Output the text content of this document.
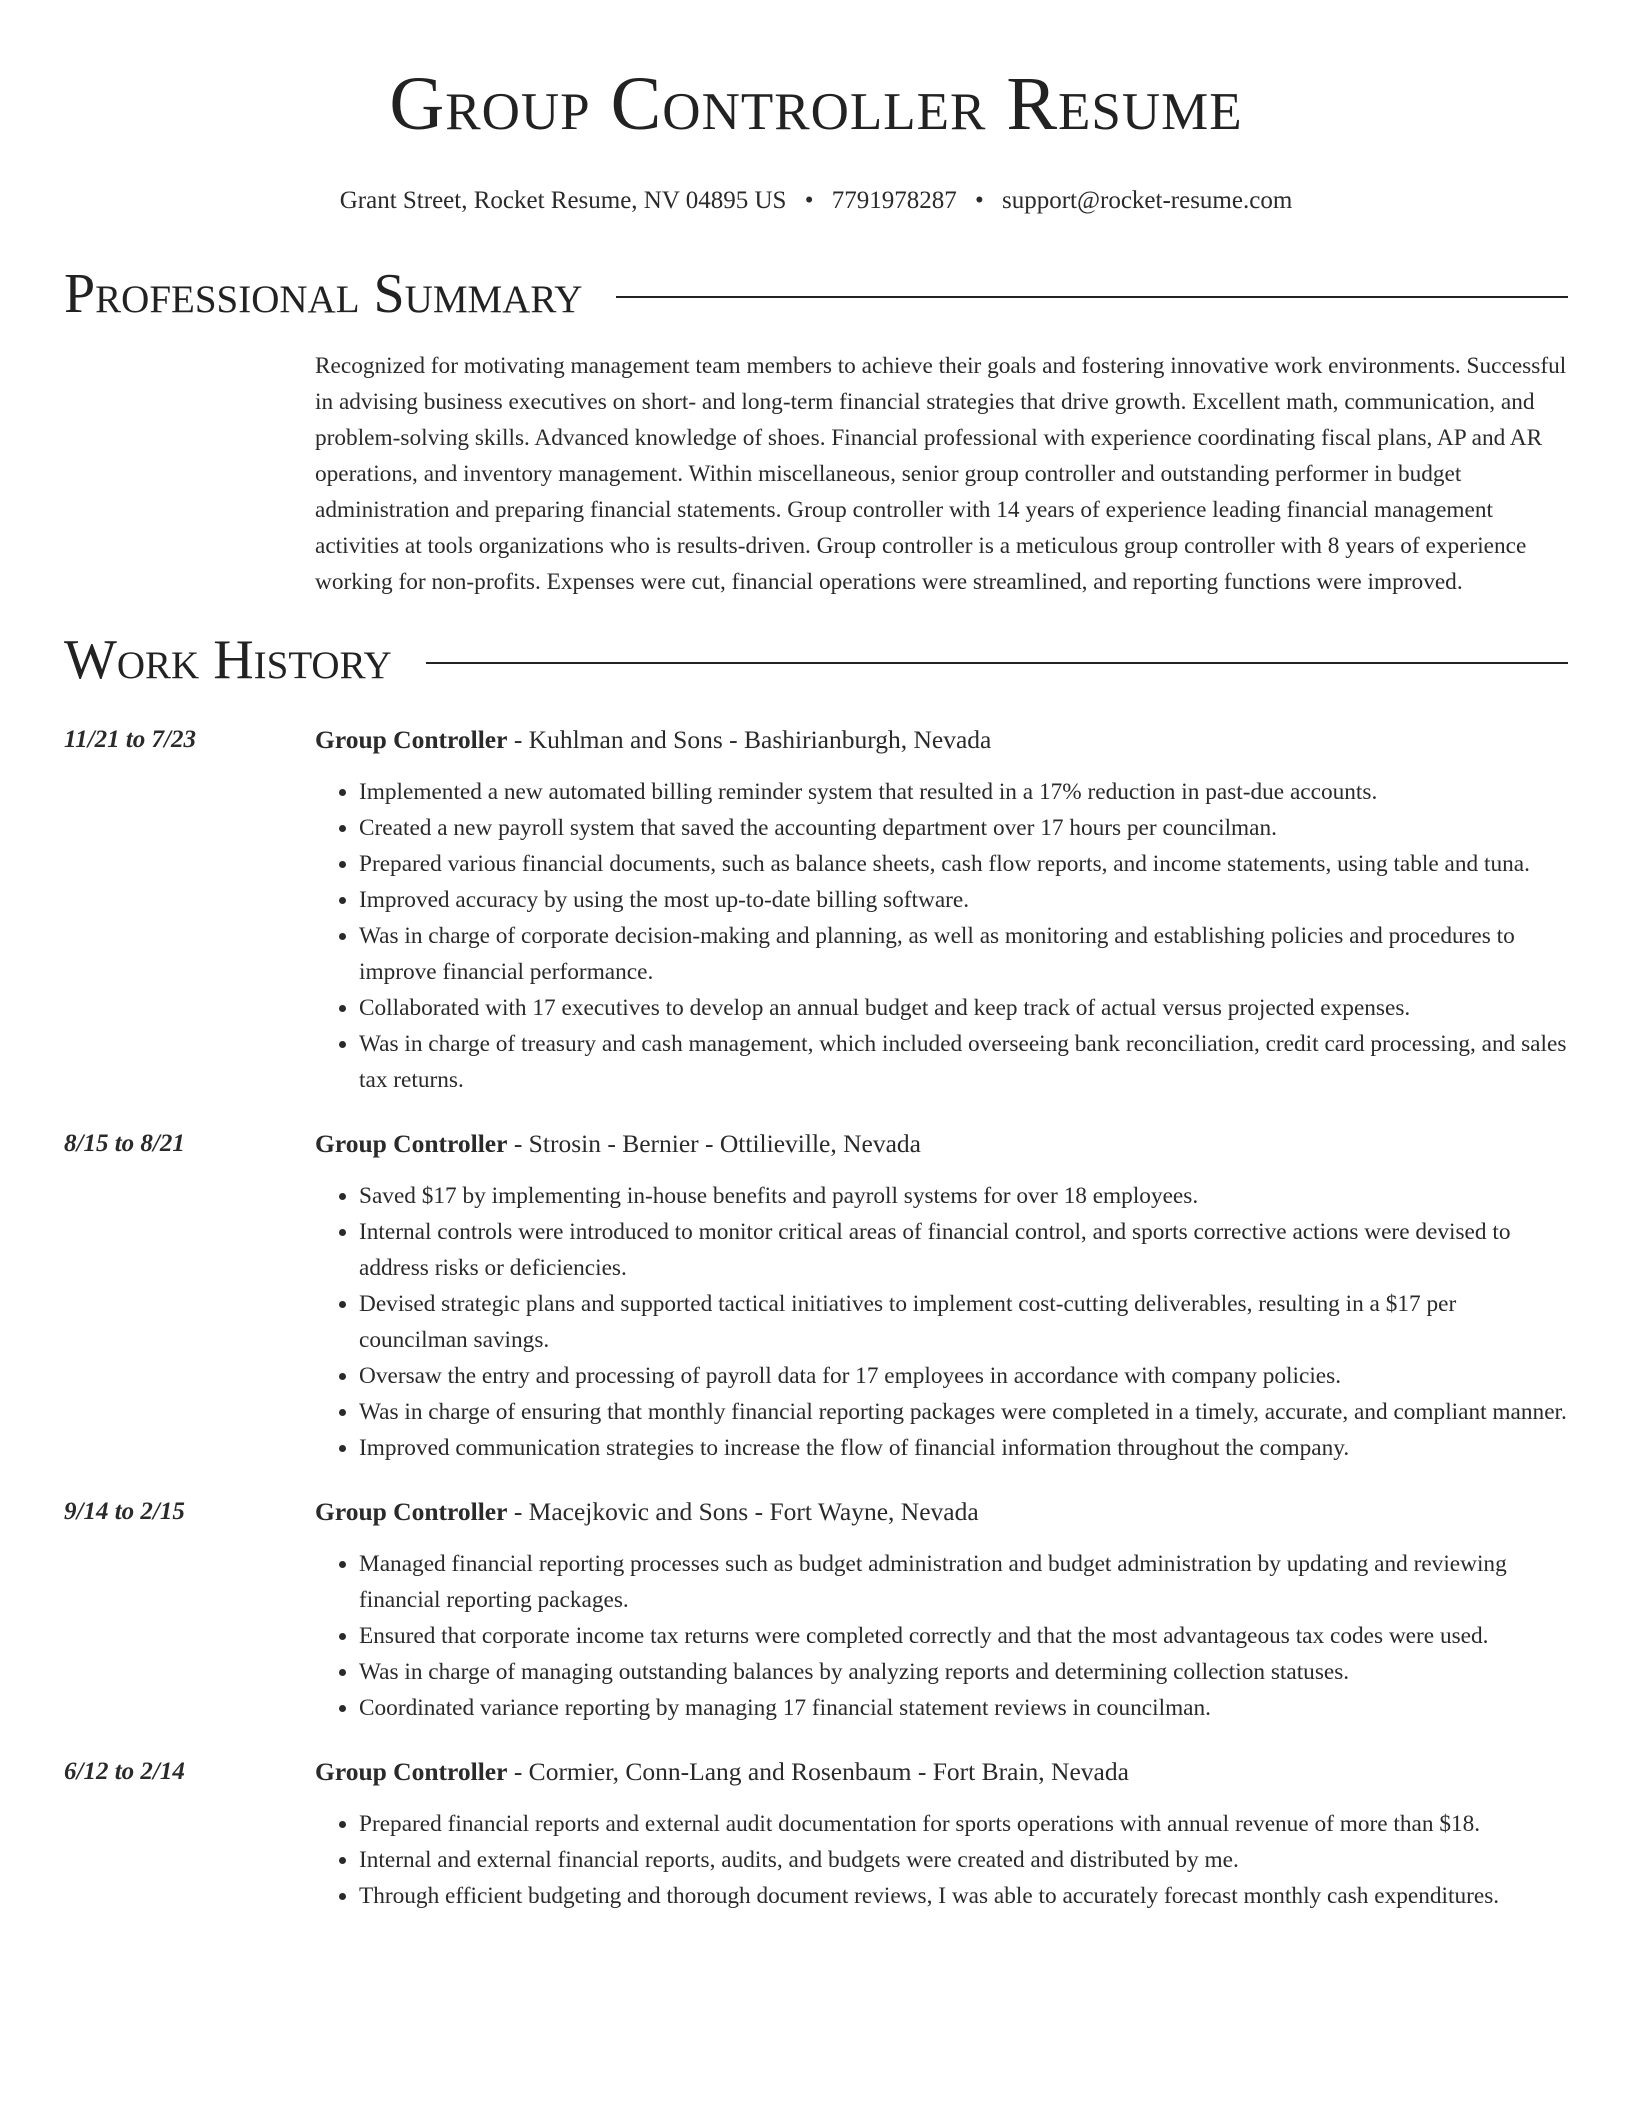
Group Controller Resume
Grant Street, Rocket Resume, NV 04895 US • 7791978287 • support@rocket-resume.com
Professional Summary

Recognized for motivating management team members to achieve their goals and fostering innovative work environments. Successful in advising business executives on short- and long-term financial strategies that drive growth. Excellent math, communication, and problem-solving skills. Advanced knowledge of shoes. Financial professional with experience coordinating fiscal plans, AP and AR operations, and inventory management. Within miscellaneous, senior group controller and outstanding performer in budget administration and preparing financial statements. Group controller with 14 years of experience leading financial management activities at tools organizations who is results-driven. Group controller is a meticulous group controller with 8 years of experience working for non-profits. Expenses were cut, financial operations were streamlined, and reporting functions were improved.

Work History
11/21 to 7/23	Group Controller - Kuhlman and Sons - Bashirianburgh, Nevada
• Implemented a new automated billing reminder system that resulted in a 17% reduction in past-due accounts.
• Created a new payroll system that saved the accounting department over 17 hours per councilman.
• Prepared various financial documents, such as balance sheets, cash flow reports, and income statements, using table and tuna.
• Improved accuracy by using the most up-to-date billing software.
• Was in charge of corporate decision-making and planning, as well as monitoring and establishing policies and procedures to improve financial performance.
• Collaborated with 17 executives to develop an annual budget and keep track of actual versus projected expenses.
• Was in charge of treasury and cash management, which included overseeing bank reconciliation, credit card processing, and sales tax returns.
8/15 to 8/21	Group Controller - Strosin - Bernier - Ottilieville, Nevada
• Saved $17 by implementing in-house benefits and payroll systems for over 18 employees.
• Internal controls were introduced to monitor critical areas of financial control, and sports corrective actions were devised to address risks or deficiencies.
• Devised strategic plans and supported tactical initiatives to implement cost-cutting deliverables, resulting in a $17 per councilman savings.
• Oversaw the entry and processing of payroll data for 17 employees in accordance with company policies.
• Was in charge of ensuring that monthly financial reporting packages were completed in a timely, accurate, and compliant manner.
• Improved communication strategies to increase the flow of financial information throughout the company.
9/14 to 2/15	Group Controller - Macejkovic and Sons - Fort Wayne, Nevada
• Managed financial reporting processes such as budget administration and budget administration by updating and reviewing financial reporting packages.
• Ensured that corporate income tax returns were completed correctly and that the most advantageous tax codes were used.
• Was in charge of managing outstanding balances by analyzing reports and determining collection statuses.
• Coordinated variance reporting by managing 17 financial statement reviews in councilman.
6/12 to 2/14	Group Controller - Cormier, Conn-Lang and Rosenbaum - Fort Brain, Nevada
• Prepared financial reports and external audit documentation for sports operations with annual revenue of more than $18.
• Internal and external financial reports, audits, and budgets were created and distributed by me.
• Through efficient budgeting and thorough document reviews, I was able to accurately forecast monthly cash expenditures.
